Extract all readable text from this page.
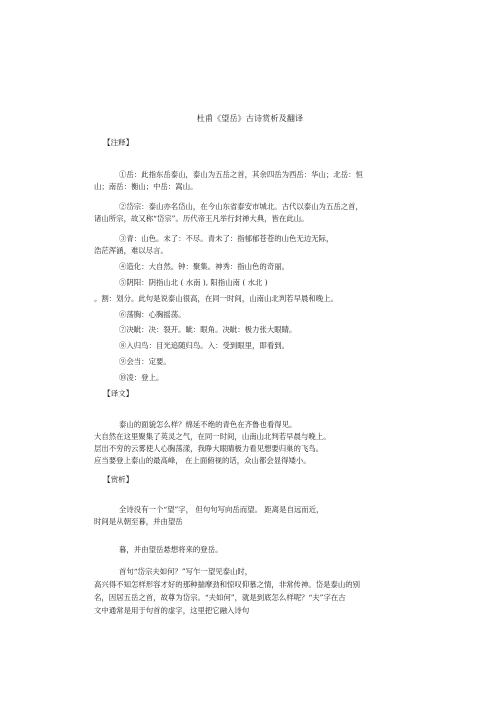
杜甫《望岳》古诗赏析及翻译
【注释】
①岳：此指东岳泰山，泰山为五岳之首，其余四岳为西岳：华山；北岳：恒
山；南岳：衡山；中岳：嵩山。
②岱宗：泰山亦名岱山，在今山东省泰安市城北。古代以泰山为五岳之首，
诸山所宗，故又称“岱宗”。历代帝王凡举行封禅大典，皆在此山。
③青：山色。未了：不尽。青未了：指郁郁苍苍的山色无边无际，
浩茫浑涵，难以尽言。
④造化：大自然。钟：聚集。神秀：指山色的奇丽。
⑤阴阳：阴指山北 ( 水南 ), 阳指山南 ( 水北 )
。割：划分。此句是说泰山很高，在同一时间，山南山北判若早晨和晚上。
⑥荡胸：心胸摇荡。
⑦决眦：决：裂开。眦：眼角。决眦：极力张大眼睛。
⑧入归鸟：目光追随归鸟。入：受到眼里，即看到。
⑨会当：定要。
⑩凌：登上。
【译文】
泰山的面貌怎么样？绵延不绝的青色在齐鲁也看得见。
大自然在这里聚集了英灵之气，在同一时间，山南山北判若早晨与晚上。
层出不穷的云雾使人心胸荡漾，我睁大眼睛极力看见想要归巢的飞鸟。
应当要登上泰山的最高峰， 在上面俯视的话，众山都会显得矮小。
【赏析】
全诗没有一个“望”字， 但句句写向岳而望。 距离是自远而近，
时间是从朝至暮，并由望岳
暮，并由望岳悬想将来的登岳。
首句“岱宗夫如何？”写乍一望见泰山时，
高兴得不知怎样形容才好的那种揣摩劲和惊叹仰慕之情，非常传神。岱是泰山的别
名，因居五岳之首，故尊为岱宗。“夫如何”，就是到底怎么样呢？“夫”字在古
文中通常是用于句首的虚字，这里把它融入诗句
